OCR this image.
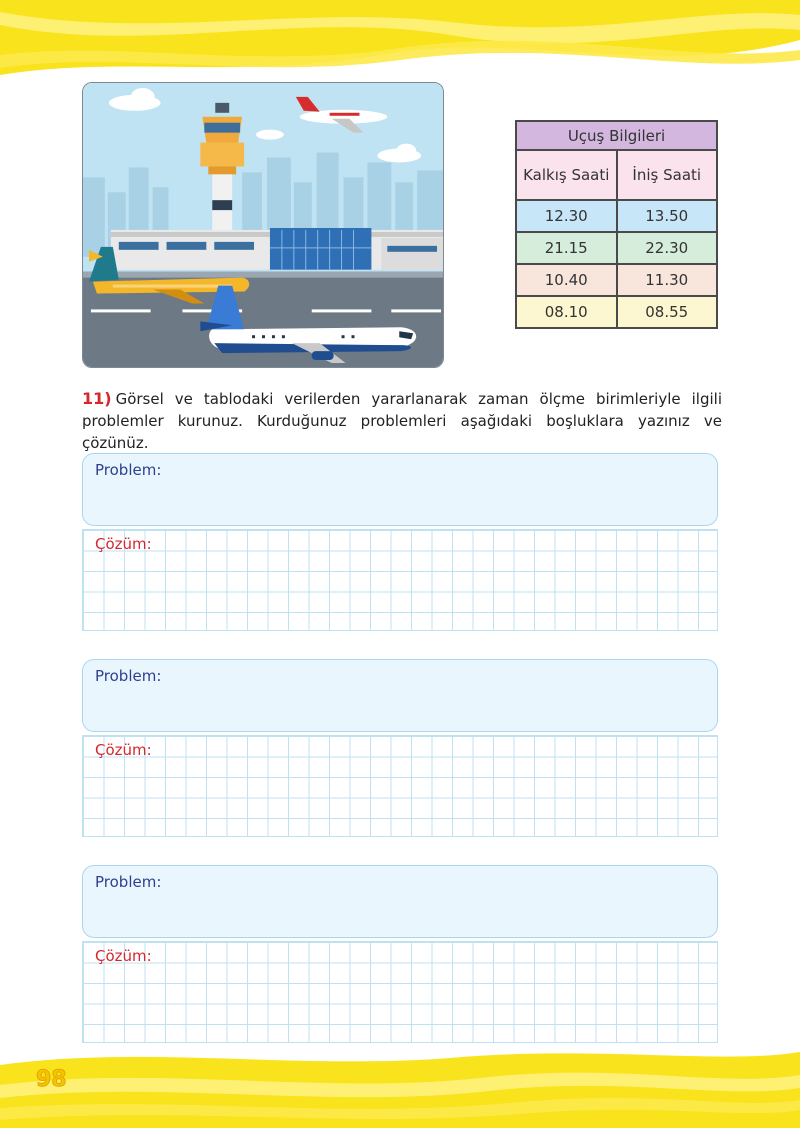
Uçuş Bilgileri	
Kalkış Saati	İniş Saati
12.30	13.50
21.15	22.30
10.40	11.30
08.10	08.55

11) Görsel ve tablodaki verilerden yararlanarak zaman ölçme birimleriyle ilgili problemler kurunuz. Kurduğunuz problemleri aşağıdaki boşluklara yazınız ve çözünüz.

Problem:
Çözüm:
Problem:
Çözüm:
Problem:
Çözüm:
98
